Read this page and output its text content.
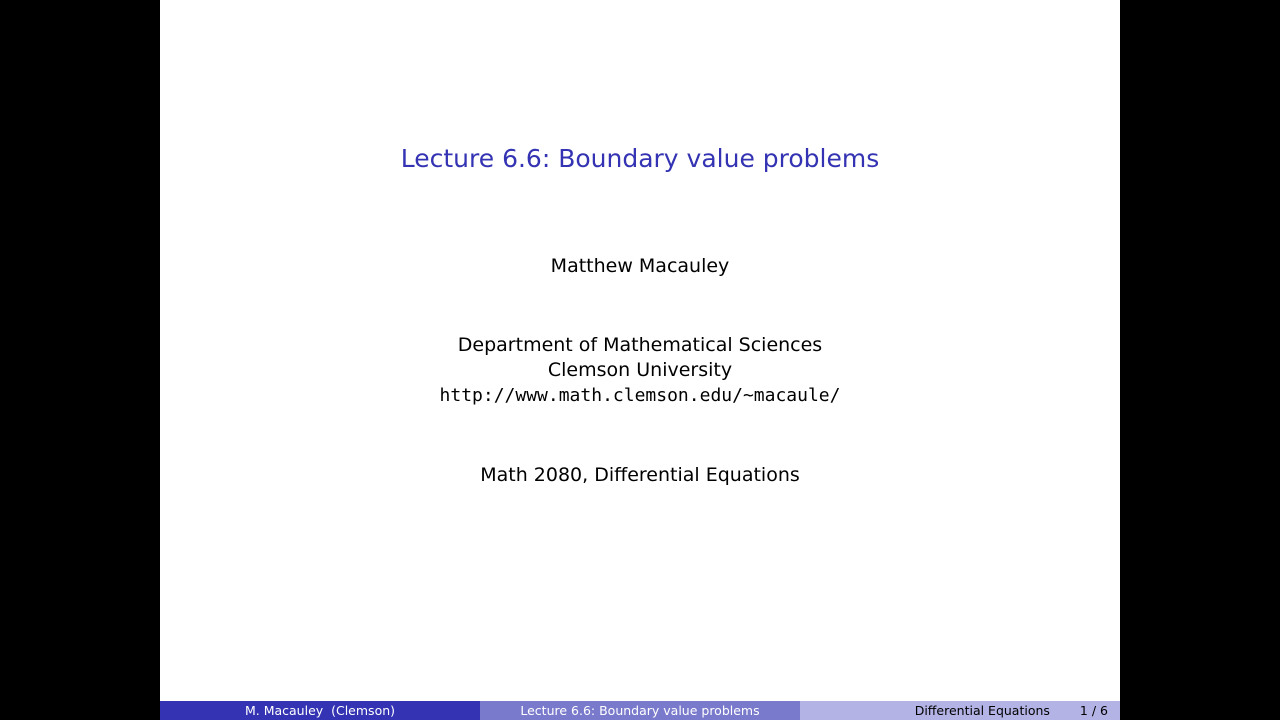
Lecture 6.6: Boundary value problems
Matthew Macauley
Department of Mathematical Sciences
Clemson University
http://www.math.clemson.edu/~macaule/
Math 2080, Differential Equations
M. Macauley  (Clemson)	Lecture 6.6: Boundary value problems	Differential Equations 1 / 6
